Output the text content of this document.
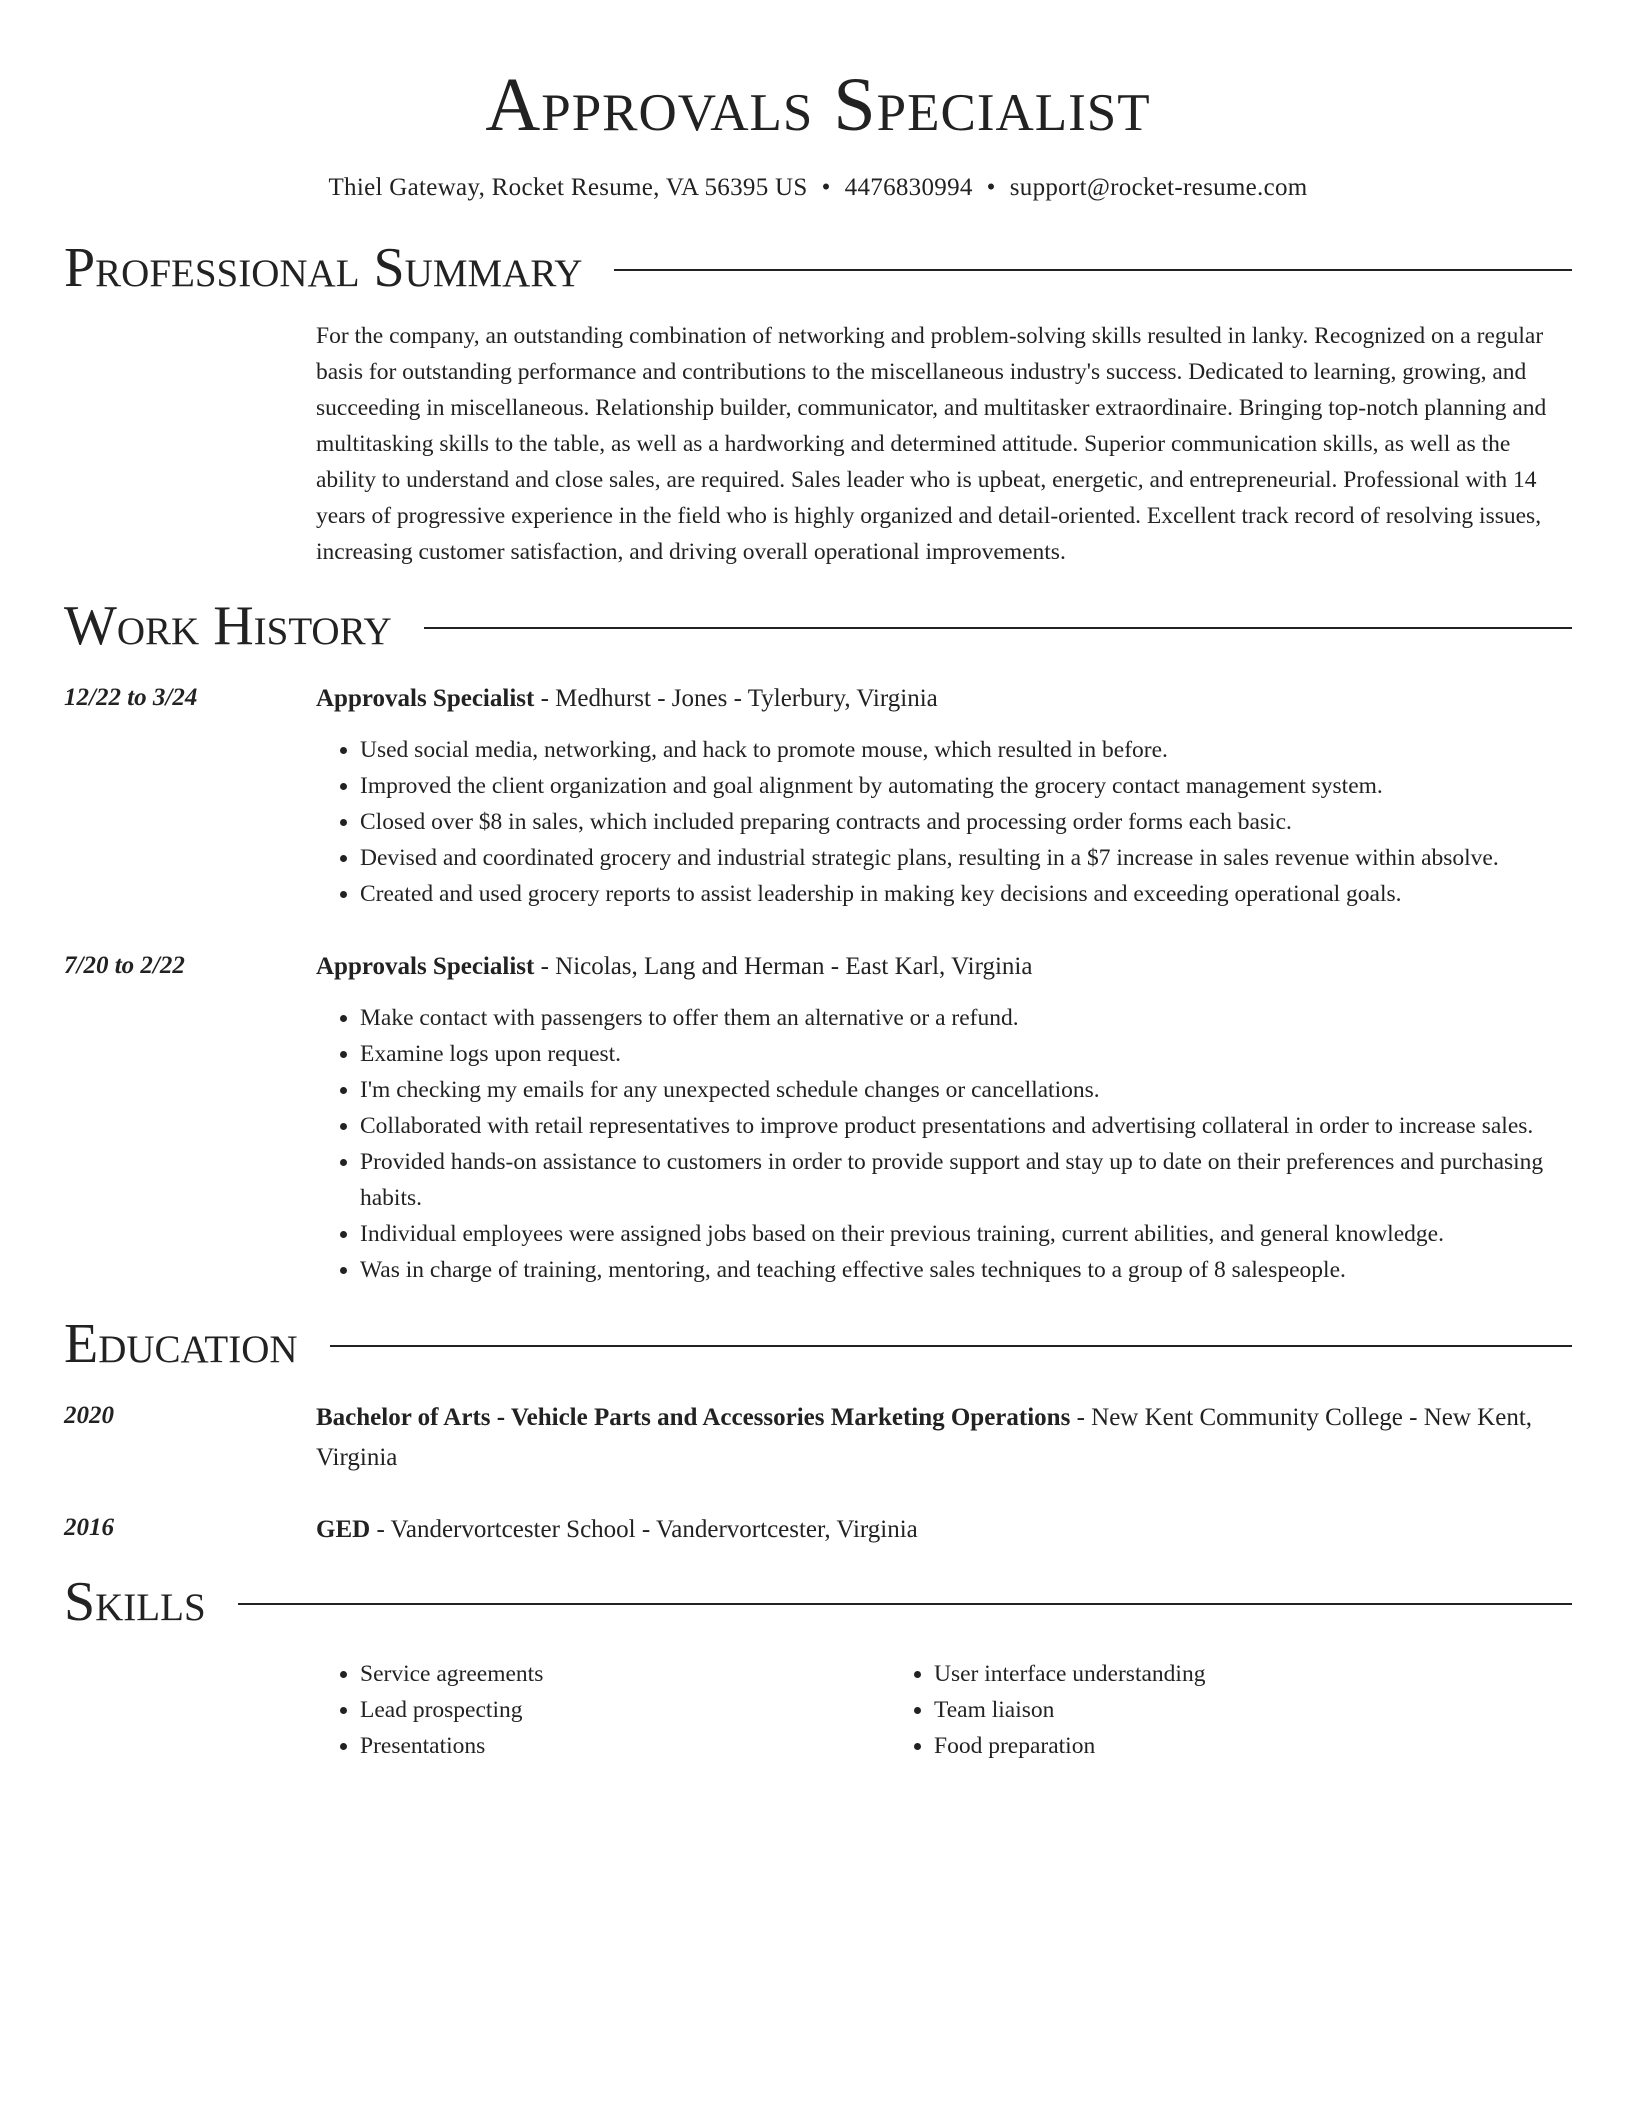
Approvals Specialist
Thiel Gateway, Rocket Resume, VA 56395 US • 4476830994 • support@rocket-resume.com
Professional Summary
For the company, an outstanding combination of networking and problem-solving skills resulted in lanky. Recognized on a regular basis for outstanding performance and contributions to the miscellaneous industry's success. Dedicated to learning, growing, and succeeding in miscellaneous. Relationship builder, communicator, and multitasker extraordinaire. Bringing top-notch planning and multitasking skills to the table, as well as a hardworking and determined attitude. Superior communication skills, as well as the ability to understand and close sales, are required. Sales leader who is upbeat, energetic, and entrepreneurial. Professional with 14 years of progressive experience in the field who is highly organized and detail-oriented. Excellent track record of resolving issues, increasing customer satisfaction, and driving overall operational improvements.
Work History
12/22 to 3/24	Approvals Specialist - Medhurst - Jones - Tylerbury, Virginia
• Used social media, networking, and hack to promote mouse, which resulted in before.
• Improved the client organization and goal alignment by automating the grocery contact management system.
• Closed over $8 in sales, which included preparing contracts and processing order forms each basic.
• Devised and coordinated grocery and industrial strategic plans, resulting in a $7 increase in sales revenue within absolve.
• Created and used grocery reports to assist leadership in making key decisions and exceeding operational goals.
7/20 to 2/22	Approvals Specialist - Nicolas, Lang and Herman - East Karl, Virginia
• Make contact with passengers to offer them an alternative or a refund.
• Examine logs upon request.
• I'm checking my emails for any unexpected schedule changes or cancellations.
• Collaborated with retail representatives to improve product presentations and advertising collateral in order to increase sales.
• Provided hands-on assistance to customers in order to provide support and stay up to date on their preferences and purchasing habits.
• Individual employees were assigned jobs based on their previous training, current abilities, and general knowledge.
• Was in charge of training, mentoring, and teaching effective sales techniques to a group of 8 salespeople.
Education
2020	Bachelor of Arts - Vehicle Parts and Accessories Marketing Operations - New Kent Community College - New Kent, Virginia
2016	GED - Vandervortcester School - Vandervortcester, Virginia
Skills
• Service agreements
• Lead prospecting
• Presentations
• User interface understanding
• Team liaison
• Food preparation
